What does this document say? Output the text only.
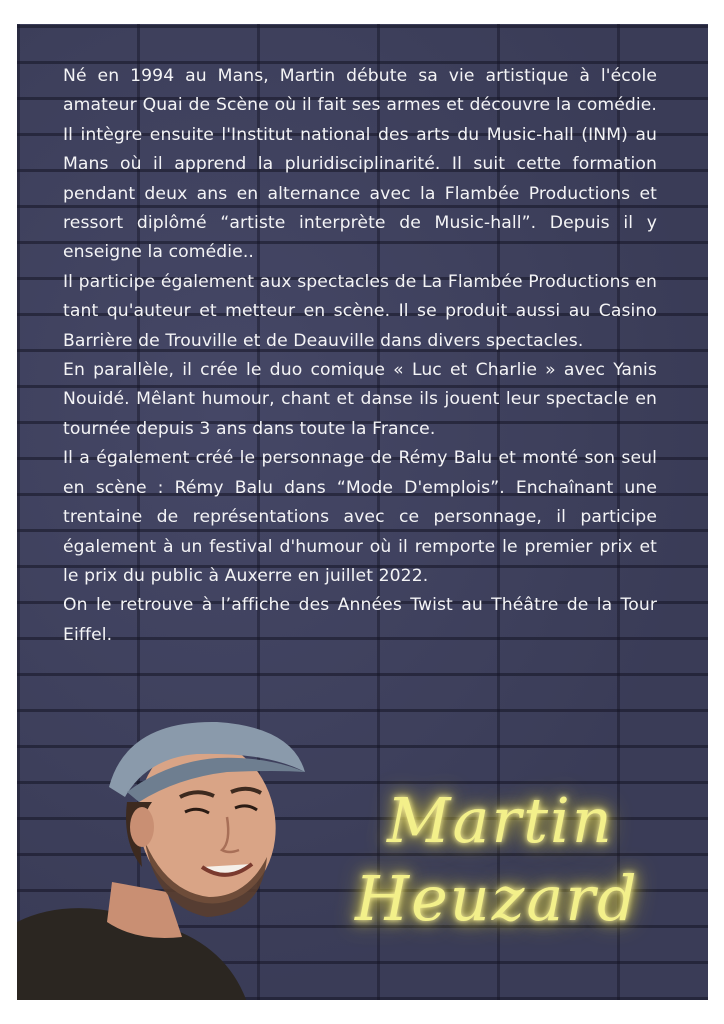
Né en 1994 au Mans, Martin débute sa vie artistique à l'école amateur Quai de Scène où il fait ses armes et découvre la comédie. Il intègre ensuite l'Institut national des arts du Music-hall (INM) au Mans où il apprend la pluridisciplinarité. Il suit cette formation pendant deux ans en alternance avec la Flambée Productions et ressort diplômé “artiste interprète de Music-hall”. Depuis il y enseigne la comédie..

Il participe également aux spectacles de La Flambée Productions en tant qu'auteur et metteur en scène. Il se produit aussi au Casino Barrière de Trouville et de Deauville dans divers spectacles.

En parallèle, il crée le duo comique « Luc et Charlie » avec Yanis Nouidé. Mêlant humour, chant et danse ils jouent leur spectacle en tournée depuis 3 ans dans toute la France.

Il a également créé le personnage de Rémy Balu et monté son seul en scène : Rémy Balu dans “Mode D'emplois”. Enchaînant une trentaine de représentations avec ce personnage, il participe également à un festival d'humour où il remporte le premier prix et le prix du public à Auxerre en juillet 2022.

On le retrouve à l’affiche des Années Twist au Théâtre de la Tour Eiffel.

Martin
Heuzard
